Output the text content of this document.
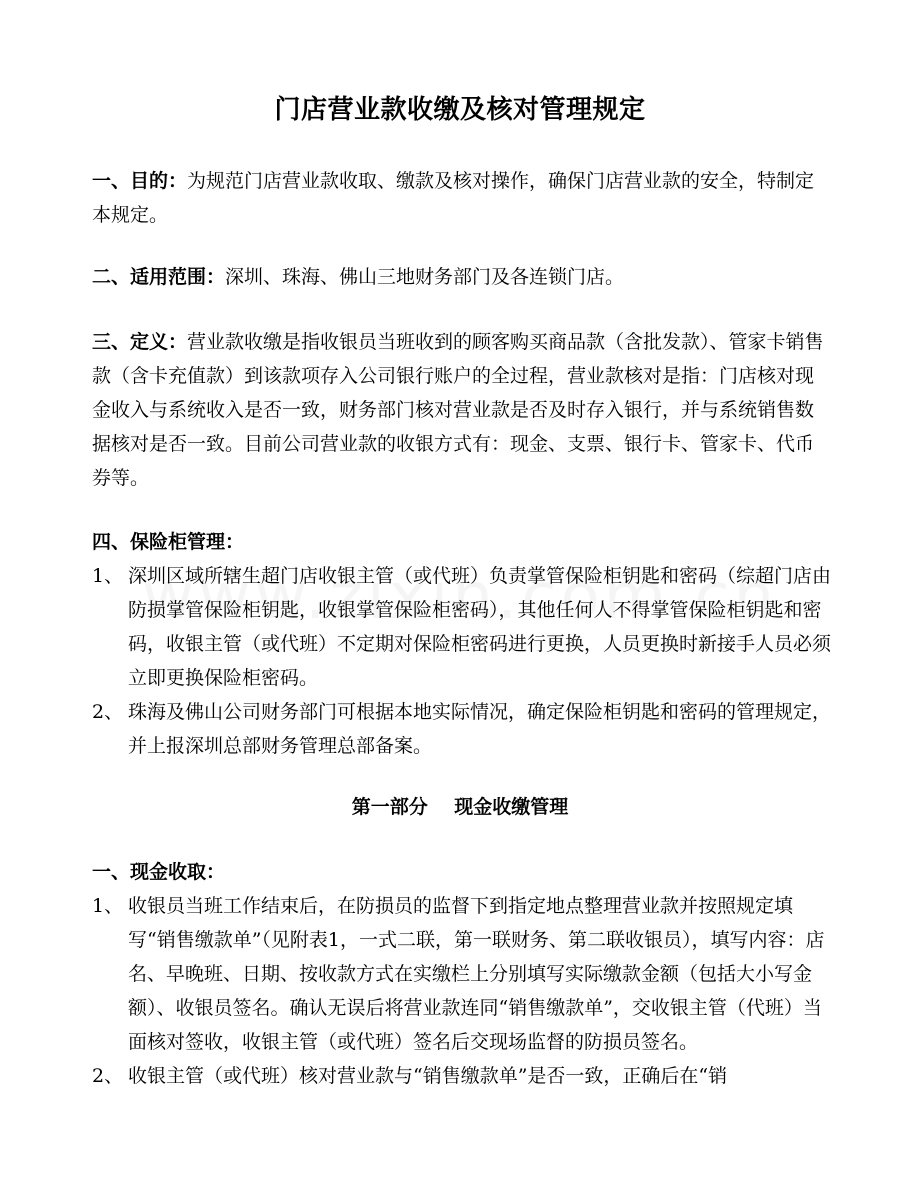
门店营业款收缴及核对管理规定
一、目的：为规范门店营业款收取、缴款及核对操作，确保门店营业款的安全，特制定本规定。
二、适用范围：深圳、珠海、佛山三地财务部门及各连锁门店。
三、定义：营业款收缴是指收银员当班收到的顾客购买商品款（含批发款）、管家卡销售款（含卡充值款）到该款项存入公司银行账户的全过程，营业款核对是指：门店核对现金收入与系统收入是否一致，财务部门核对营业款是否及时存入银行，并与系统销售数据核对是否一致。目前公司营业款的收银方式有：现金、支票、银行卡、管家卡、代币券等。
四、保险柜管理：
1、 深圳区域所辖生超门店收银主管（或代班）负责掌管保险柜钥匙和密码（综超门店由防损掌管保险柜钥匙，收银掌管保险柜密码），其他任何人不得掌管保险柜钥匙和密码，收银主管（或代班）不定期对保险柜密码进行更换，人员更换时新接手人员必须立即更换保险柜密码。
2、 珠海及佛山公司财务部门可根据本地实际情况，确定保险柜钥匙和密码的管理规定，并上报深圳总部财务管理总部备案。
第一部分    现金收缴管理
一、现金收取：
1、 收银员当班工作结束后，在防损员的监督下到指定地点整理营业款并按照规定填写“销售缴款单”（见附表1，一式二联，第一联财务、第二联收银员），填写内容：店名、早晚班、日期、按收款方式在实缴栏上分别填写实际缴款金额（包括大小写金额）、收银员签名。确认无误后将营业款连同“销售缴款单”，交收银主管（代班）当面核对签收，收银主管（或代班）签名后交现场监督的防损员签名。
2、 收银主管（或代班）核对营业款与“销售缴款单”是否一致，正确后在“销
